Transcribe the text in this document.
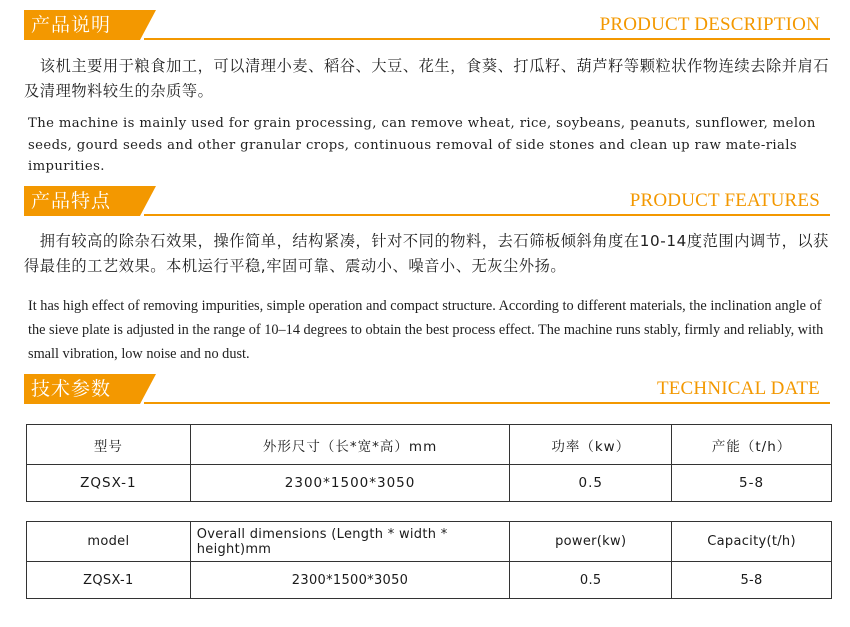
产品说明	PRODUCT DESCRIPTION
　该机主要用于粮食加工，可以清理小麦、稻谷、大豆、花生，食葵、打瓜籽、葫芦籽等颗粒状作物连续去除并肩石及清理物料较生的杂质等。
The machine is mainly used for grain processing, can remove wheat, rice, soybeans, peanuts, sunflower, melon seeds, gourd seeds and other granular crops, continuous removal of side stones and clean up raw mate-rials impurities.
产品特点	PRODUCT FEATURES
　拥有较高的除杂石效果，操作简单，结构紧凑，针对不同的物料，去石筛板倾斜角度在10-14度范围内调节，以获得最佳的工艺效果。本机运行平稳,牢固可靠、震动小、噪音小、无灰尘外扬。
It has high effect of removing impurities, simple operation and compact structure. According to different materials, the inclination angle of the sieve plate is adjusted in the range of 10–14 degrees to obtain the best process effect. The machine runs stably, firmly and reliably, with small vibration, low noise and no dust.
技术参数	TECHNICAL DATE
型号	外形尺寸（长*宽*高）mm	功率（kw）	产能（t/h）
ZQSX-1	2300*1500*3050	0.5	5-8
model	Overall dimensions (Length * width * height)mm	power(kw)	Capacity(t/h)
ZQSX-1	2300*1500*3050	0.5	5-8
